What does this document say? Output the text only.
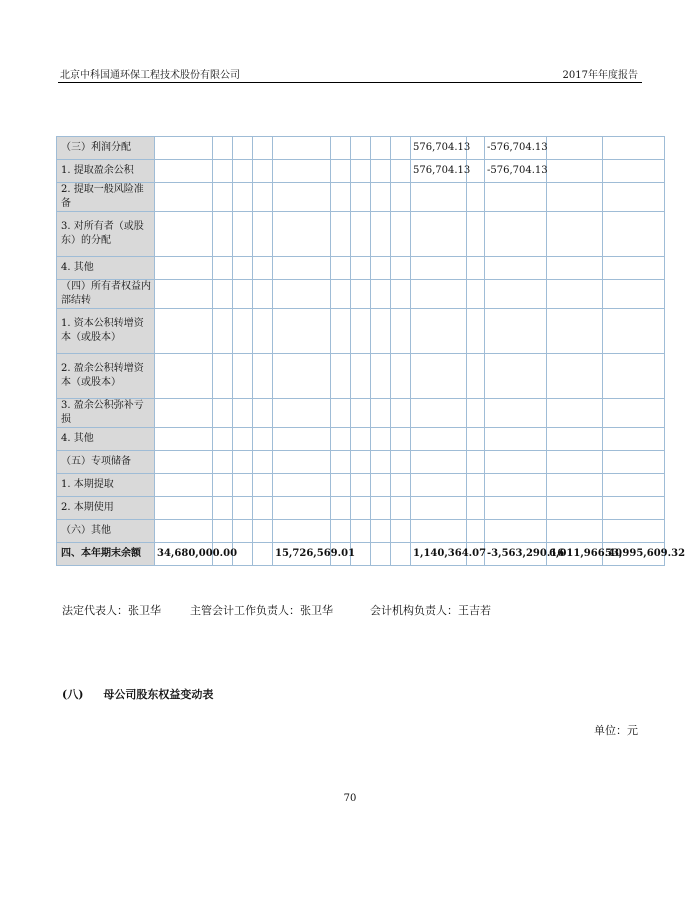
北京中科国通环保工程技术股份有限公司	2017年年度报告
（三）利润分配										576,704.13		-576,704.13		
1. 提取盈余公积										576,704.13		-576,704.13		
2. 提取一般风险准备														
3. 对所有者（或股东）的分配														
4. 其他														
（四）所有者权益内部结转														
1. 资本公积转增资本（或股本）														
2. 盈余公积转增资本（或股本）														
3. 盈余公积弥补亏损														
4. 其他														
（五）专项储备														
1. 本期提取														
2. 本期使用														
（六）其他														
四、本年期末余额	34,680,000.00				15,726,569.01					1,140,364.07		-3,563,290.16	6,011,966.40	53,995,609.32
法定代表人：张卫华	主管会计工作负责人：张卫华	会计机构负责人：王吉若
(八) 母公司股东权益变动表
单位：元
70
